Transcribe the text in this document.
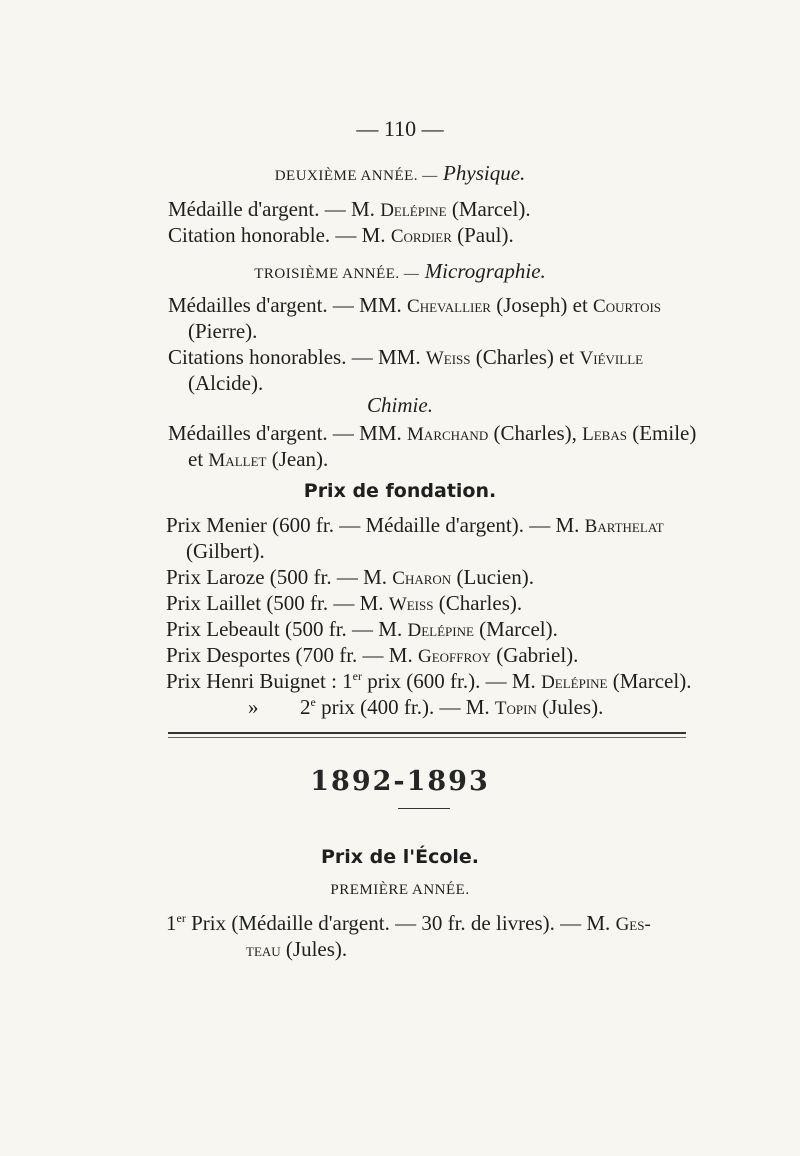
— 110 —
DEUXIÈME ANNÉE. — Physique.
Médaille d'argent. — M. Delépine (Marcel).
Citation honorable. — M. Cordier (Paul).
TROISIÈME ANNÉE. — Micrographie.
Médailles d'argent. — MM. Chevallier (Joseph) et Courtois
(Pierre).
Citations honorables. — MM. Weiss (Charles) et Viéville
(Alcide).
Chimie.
Médailles d'argent. — MM. Marchand (Charles), Lebas (Emile)
et Mallet (Jean).
Prix de fondation.
Prix Menier (600 fr. — Médaille d'argent). — M. Barthelat
(Gilbert).
Prix Laroze (500 fr. — M. Charon (Lucien).
Prix Laillet (500 fr. — M. Weiss (Charles).
Prix Lebeault (500 fr. — M. Delépine (Marcel).
Prix Desportes (700 fr. — M. Geoffroy (Gabriel).
Prix Henri Buignet : 1er prix (600 fr.). — M. Delépine (Marcel).
» 2e prix (400 fr.). — M. Topin (Jules).
1892-1893
Prix de l'École.
PREMIÈRE ANNÉE.
1er Prix (Médaille d'argent. — 30 fr. de livres). — M. Ges-
teau (Jules).
